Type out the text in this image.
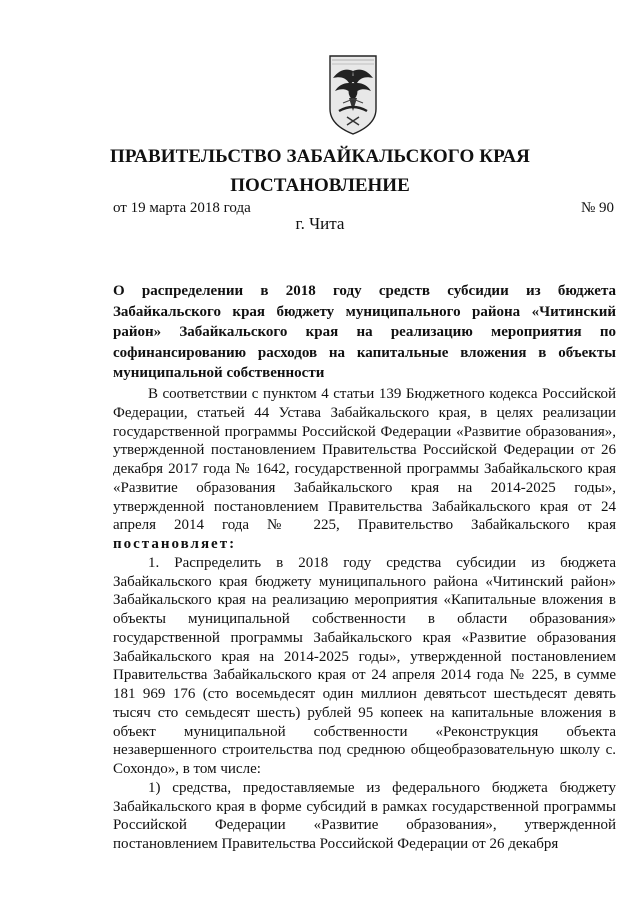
ПРАВИТЕЛЬСТВО ЗАБАЙКАЛЬСКОГО КРАЯ
ПОСТАНОВЛЕНИЕ
от 19 марта 2018 года	№ 90
г. Чита
О распределении в 2018 году средств субсидии из бюджета Забайкальского края бюджету муниципального района «Читинский район» Забайкальского края на реализацию мероприятия по софинансированию расходов на капитальные вложения в объекты муниципальной собственности

В соответствии с пунктом 4 статьи 139 Бюджетного кодекса Российской Федерации, статьей 44 Устава Забайкальского края, в целях реализации государственной программы Российской Федерации «Развитие образования», утвержденной постановлением Правительства Российской Федерации от 26 декабря 2017 года № 1642, государственной программы Забайкальского края «Развитие образования Забайкальского края на 2014-2025 годы», утвержденной постановлением Правительства Забайкальского края от 24 апреля 2014 года № 225, Правительство Забайкальского края постановляет:

1. Распределить в 2018 году средства субсидии из бюджета Забайкальского края бюджету муниципального района «Читинский район» Забайкальского края на реализацию мероприятия «Капитальные вложения в объекты муниципальной собственности в области образования» государственной программы Забайкальского края «Развитие образования Забайкальского края на 2014-2025 годы», утвержденной постановлением Правительства Забайкальского края от 24 апреля 2014 года № 225, в сумме 181 969 176 (сто восемьдесят один миллион девятьсот шестьдесят девять тысяч сто семьдесят шесть) рублей 95 копеек на капитальные вложения в объект муниципальной собственности «Реконструкция объекта незавершенного строительства под среднюю общеобразовательную школу с. Сохондо», в том числе:

1) средства, предоставляемые из федерального бюджета бюджету Забайкальского края в форме субсидий в рамках государственной программы Российской Федерации «Развитие образования», утвержденной постановлением Правительства Российской Федерации от 26 декабря
